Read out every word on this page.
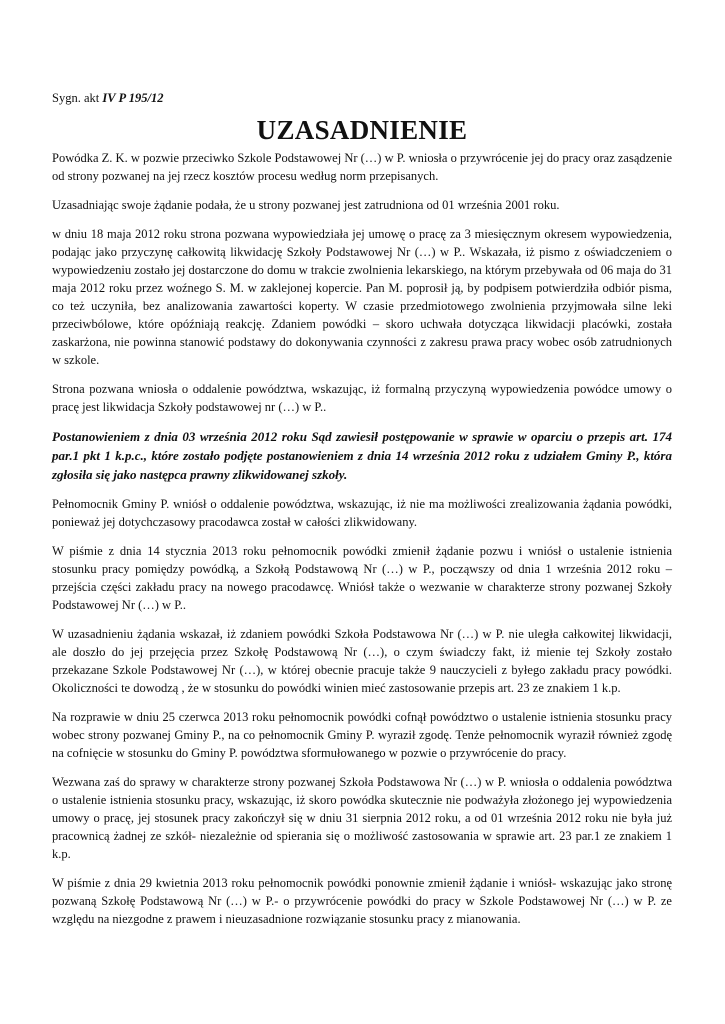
Sygn. akt IV P 195/12

UZASADNIENIE

Powódka Z. K. w pozwie przeciwko Szkole Podstawowej Nr (…) w P. wniosła o przywrócenie jej do pracy oraz zasądzenie od strony pozwanej na jej rzecz kosztów procesu według norm przepisanych.

Uzasadniając swoje żądanie podała, że u strony pozwanej jest zatrudniona od 01 września 2001 roku.

w dniu 18 maja 2012 roku strona pozwana wypowiedziała jej umowę o pracę za 3 miesięcznym okresem wypowiedzenia, podając jako przyczynę całkowitą likwidację Szkoły Podstawowej Nr (…) w P.. Wskazała, iż pismo z oświadczeniem o wypowiedzeniu zostało jej dostarczone do domu w trakcie zwolnienia lekarskiego, na którym przebywała od 06 maja do 31 maja 2012 roku przez woźnego S. M. w zaklejonej kopercie. Pan M. poprosił ją, by podpisem potwierdziła odbiór pisma, co też uczyniła, bez analizowania zawartości koperty. W czasie przedmiotowego zwolnienia przyjmowała silne leki przeciwbólowe, które opóźniają reakcję. Zdaniem powódki – skoro uchwała dotycząca likwidacji placówki, została zaskarżona, nie powinna stanowić podstawy do dokonywania czynności z zakresu prawa pracy wobec osób zatrudnionych w szkole.

Strona pozwana wniosła o oddalenie powództwa, wskazując, iż formalną przyczyną wypowiedzenia powódce umowy o pracę jest likwidacja Szkoły podstawowej nr (…) w P..

Postanowieniem z dnia 03 września 2012 roku Sąd zawiesił postępowanie w sprawie w oparciu o przepis art. 174 par.1 pkt 1 k.p.c., które zostało podjęte postanowieniem z dnia 14 września 2012 roku z udziałem Gminy P., która zgłosiła się jako następca prawny zlikwidowanej szkoły.

Pełnomocnik Gminy P. wniósł o oddalenie powództwa, wskazując, iż nie ma możliwości zrealizowania żądania powódki, ponieważ jej dotychczasowy pracodawca został w całości zlikwidowany.

W piśmie z dnia 14 stycznia 2013 roku pełnomocnik powódki zmienił żądanie pozwu i wniósł o ustalenie istnienia stosunku pracy pomiędzy powódką, a Szkołą Podstawową Nr (…) w P., począwszy od dnia 1 września 2012 roku – przejścia części zakładu pracy na nowego pracodawcę. Wniósł także o wezwanie w charakterze strony pozwanej Szkoły Podstawowej Nr (…) w P..

W uzasadnieniu żądania wskazał, iż zdaniem powódki Szkoła Podstawowa Nr (…) w P. nie uległa całkowitej likwidacji, ale doszło do jej przejęcia przez Szkołę Podstawową Nr (…), o czym świadczy fakt, iż mienie tej Szkoły zostało przekazane Szkole Podstawowej Nr (…), w której obecnie pracuje także 9 nauczycieli z byłego zakładu pracy powódki. Okoliczności te dowodzą , że w stosunku do powódki winien mieć zastosowanie przepis art. 23 ze znakiem 1 k.p.

Na rozprawie w dniu 25 czerwca 2013 roku pełnomocnik powódki cofnął powództwo o ustalenie istnienia stosunku pracy wobec strony pozwanej Gminy P., na co pełnomocnik Gminy P. wyraził zgodę. Tenże pełnomocnik wyraził również zgodę na cofnięcie w stosunku do Gminy P. powództwa sformułowanego w pozwie o przywrócenie do pracy.

Wezwana zaś do sprawy w charakterze strony pozwanej Szkoła Podstawowa Nr (…) w P. wniosła o oddalenia powództwa o ustalenie istnienia stosunku pracy, wskazując, iż skoro powódka skutecznie nie podważyła złożonego jej wypowiedzenia umowy o pracę, jej stosunek pracy zakończył się w dniu 31 sierpnia 2012 roku, a od 01 września 2012 roku nie była już pracownicą żadnej ze szkół- niezależnie od spierania się o możliwość zastosowania w sprawie art. 23 par.1 ze znakiem 1 k.p.

W piśmie z dnia 29 kwietnia 2013 roku pełnomocnik powódki ponownie zmienił żądanie i wniósł- wskazując jako stronę pozwaną Szkołę Podstawową Nr (…) w P.- o przywrócenie powódki do pracy w Szkole Podstawowej Nr (…) w P. ze względu na niezgodne z prawem i nieuzasadnione rozwiązanie stosunku pracy z mianowania.
